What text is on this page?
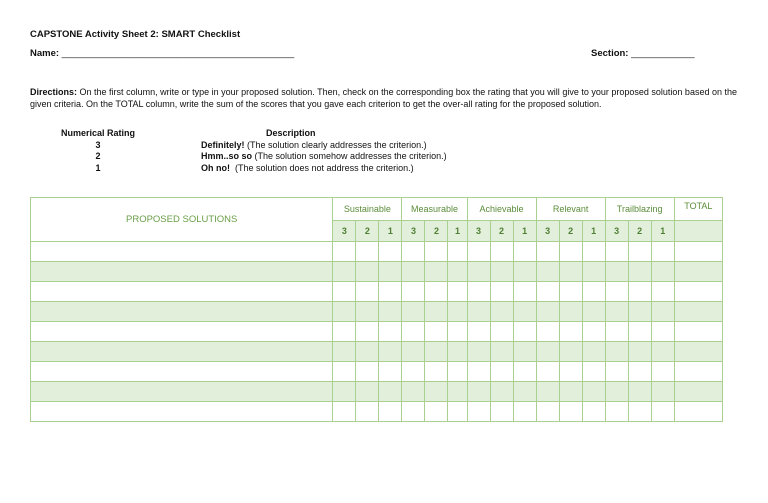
CAPSTONE Activity Sheet 2: SMART Checklist
Name: ____________________________________________	Section: ____________
Directions: On the first column, write or type in your proposed solution. Then, check on the corresponding box the rating that you will give to your proposed solution based on the given criteria. On the TOTAL column, write the sum of the scores that you gave each criterion to get the over-all rating for the proposed solution.
Numerical Rating	Description
3	Definitely! (The solution clearly addresses the criterion.)
2	Hmm..so so (The solution somehow addresses the criterion.)
1	Oh no!  (The solution does not address the criterion.)
PROPOSED SOLUTIONS	Sustainable			Measurable			Achievable			Relevant			Trailblazing			TOTAL
	3	2	1	3	2	1	3	2	1	3	2	1	3	2	1	
